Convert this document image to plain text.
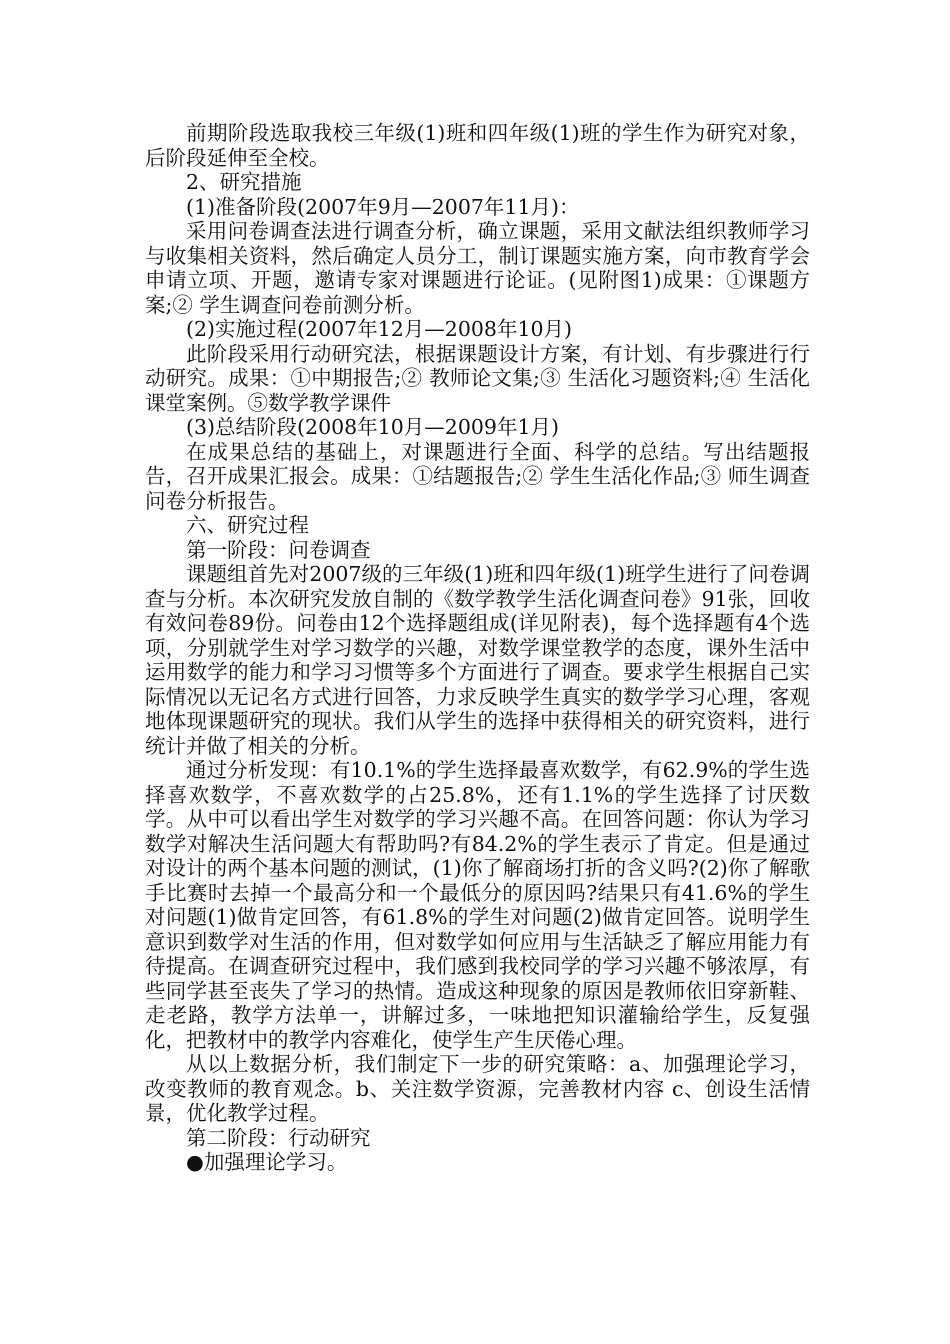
前期阶段选取我校三年级(1)班和四年级(1)班的学生作为研究对象，后阶段延伸至全校。

2、研究措施

(1)准备阶段(2007年9月—2007年11月)：

采用问卷调查法进行调查分析，确立课题，采用文献法组织教师学习与收集相关资料，然后确定人员分工，制订课题实施方案，向市教育学会申请立项、开题，邀请专家对课题进行论证。(见附图1)成果：①课题方案;② 学生调查问卷前测分析。

(2)实施过程(2007年12月—2008年10月)

此阶段采用行动研究法，根据课题设计方案，有计划、有步骤进行行动研究。成果：①中期报告;② 教师论文集;③ 生活化习题资料;④ 生活化课堂案例。⑤数学教学课件

(3)总结阶段(2008年10月—2009年1月)

在成果总结的基础上，对课题进行全面、科学的总结。写出结题报告，召开成果汇报会。成果：①结题报告;② 学生生活化作品;③ 师生调查问卷分析报告。

六、研究过程

第一阶段：问卷调查

课题组首先对2007级的三年级(1)班和四年级(1)班学生进行了问卷调查与分析。本次研究发放自制的《数学教学生活化调查问卷》91张，回收有效问卷89份。问卷由12个选择题组成(详见附表)，每个选择题有4个选项，分别就学生对学习数学的兴趣，对数学课堂教学的态度，课外生活中运用数学的能力和学习习惯等多个方面进行了调查。要求学生根据自己实际情况以无记名方式进行回答，力求反映学生真实的数学学习心理，客观地体现课题研究的现状。我们从学生的选择中获得相关的研究资料，进行统计并做了相关的分析。

通过分析发现：有10.1%的学生选择最喜欢数学，有62.9%的学生选择喜欢数学，不喜欢数学的占25.8%，还有1.1%的学生选择了讨厌数学。从中可以看出学生对数学的学习兴趣不高。在回答问题：你认为学习数学对解决生活问题大有帮助吗?有84.2%的学生表示了肯定。但是通过对设计的两个基本问题的测试，(1)你了解商场打折的含义吗?(2)你了解歌手比赛时去掉一个最高分和一个最低分的原因吗?结果只有41.6%的学生对问题(1)做肯定回答，有61.8%的学生对问题(2)做肯定回答。说明学生意识到数学对生活的作用，但对数学如何应用与生活缺乏了解应用能力有待提高。在调查研究过程中，我们感到我校同学的学习兴趣不够浓厚，有些同学甚至丧失了学习的热情。造成这种现象的原因是教师依旧穿新鞋、走老路，教学方法单一，讲解过多，一味地把知识灌输给学生，反复强化，把教材中的教学内容难化，使学生产生厌倦心理。

从以上数据分析，我们制定下一步的研究策略：a、加强理论学习，改变教师的教育观念。b、关注数学资源，完善教材内容 c、创设生活情景，优化教学过程。

第二阶段：行动研究

●加强理论学习。
